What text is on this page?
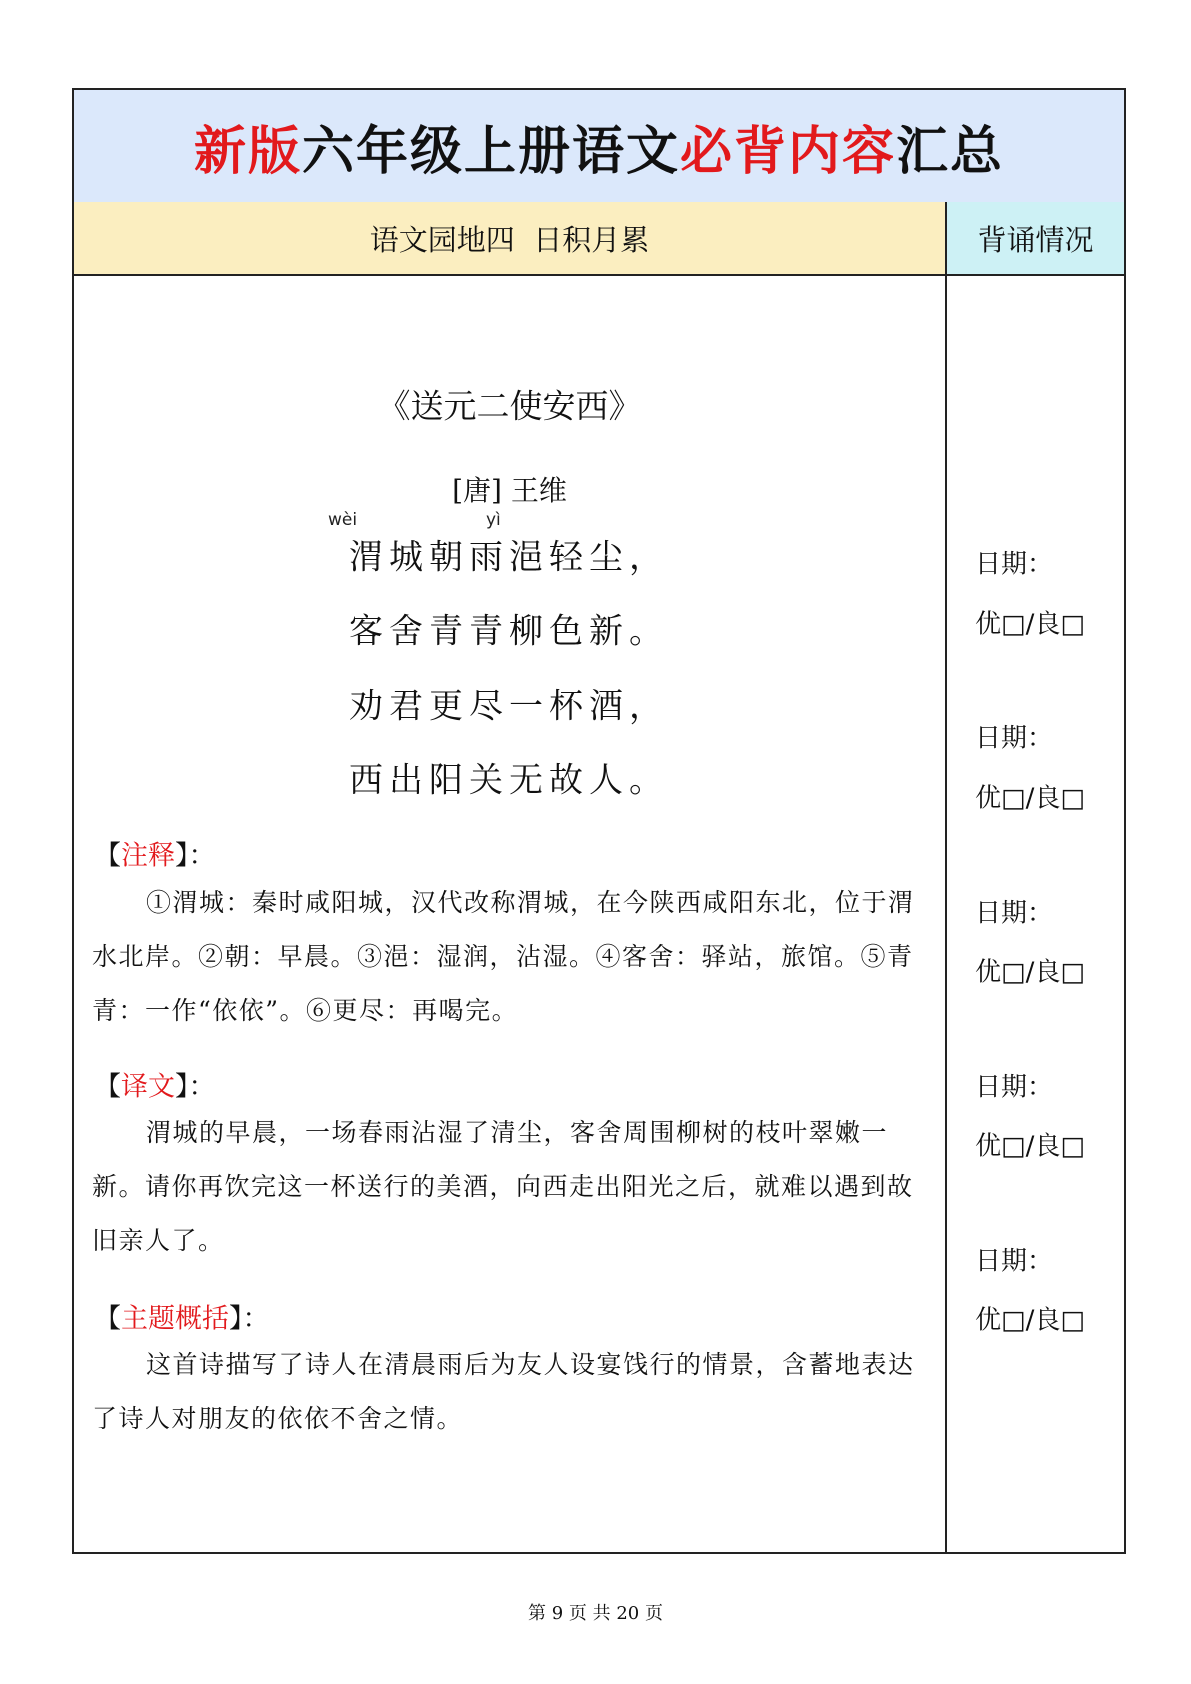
新版 六年级上册语文 必背内容 汇总
语文园地四  日积月累	背诵情况
《送元二使安西》
[唐] 王维
wèi	yì
渭城朝雨浥轻尘，
客舍青青柳色新。
劝君更尽一杯酒，
西出阳关无故人。
【注释】：
①渭城：秦时咸阳城，汉代改称渭城，在今陕西咸阳东北，位于渭水北岸。②朝：早晨。③浥：湿润，沾湿。④客舍：驿站，旅馆。⑤青青：一作“依依”。⑥更尽：再喝完。
【译文】：
渭城的早晨，一场春雨沾湿了清尘，客舍周围柳树的枝叶翠嫩一新。请你再饮完这一杯送行的美酒，向西走出阳光之后，就难以遇到故旧亲人了。
【主题概括】：
这首诗描写了诗人在清晨雨后为友人设宴饯行的情景，含蓄地表达了诗人对朋友的依依不舍之情。
日期：
优□/良□
日期：
优□/良□
日期：
优□/良□
日期：
优□/良□
日期：
优□/良□
第 9 页 共 20 页
